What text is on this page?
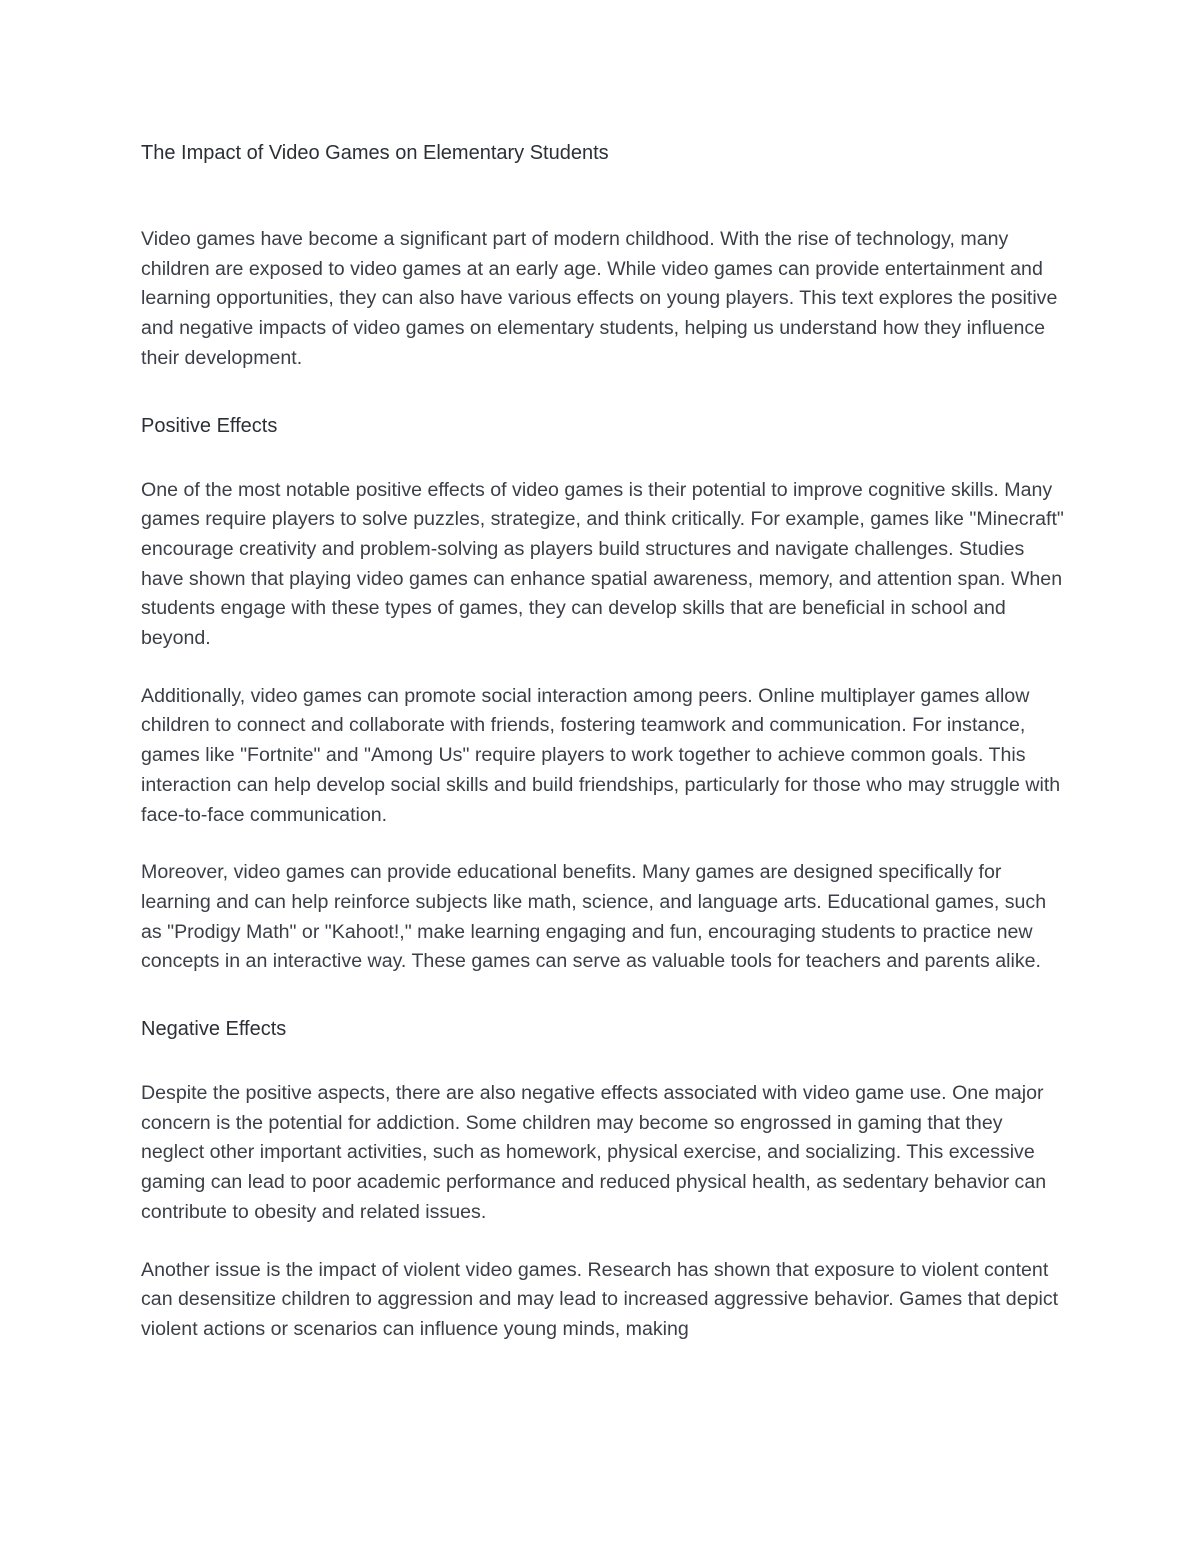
The Impact of Video Games on Elementary Students

Video games have become a significant part of modern childhood. With the rise of technology, many children are exposed to video games at an early age. While video games can provide entertainment and learning opportunities, they can also have various effects on young players. This text explores the positive and negative impacts of video games on elementary students, helping us understand how they influence their development.

Positive Effects

One of the most notable positive effects of video games is their potential to improve cognitive skills. Many games require players to solve puzzles, strategize, and think critically. For example, games like "Minecraft" encourage creativity and problem-solving as players build structures and navigate challenges. Studies have shown that playing video games can enhance spatial awareness, memory, and attention span. When students engage with these types of games, they can develop skills that are beneficial in school and beyond.

Additionally, video games can promote social interaction among peers. Online multiplayer games allow children to connect and collaborate with friends, fostering teamwork and communication. For instance, games like "Fortnite" and "Among Us" require players to work together to achieve common goals. This interaction can help develop social skills and build friendships, particularly for those who may struggle with face-to-face communication.

Moreover, video games can provide educational benefits. Many games are designed specifically for learning and can help reinforce subjects like math, science, and language arts. Educational games, such as "Prodigy Math" or "Kahoot!," make learning engaging and fun, encouraging students to practice new concepts in an interactive way. These games can serve as valuable tools for teachers and parents alike.

Negative Effects

Despite the positive aspects, there are also negative effects associated with video game use. One major concern is the potential for addiction. Some children may become so engrossed in gaming that they neglect other important activities, such as homework, physical exercise, and socializing. This excessive gaming can lead to poor academic performance and reduced physical health, as sedentary behavior can contribute to obesity and related issues.

Another issue is the impact of violent video games. Research has shown that exposure to violent content can desensitize children to aggression and may lead to increased aggressive behavior. Games that depict violent actions or scenarios can influence young minds, making
